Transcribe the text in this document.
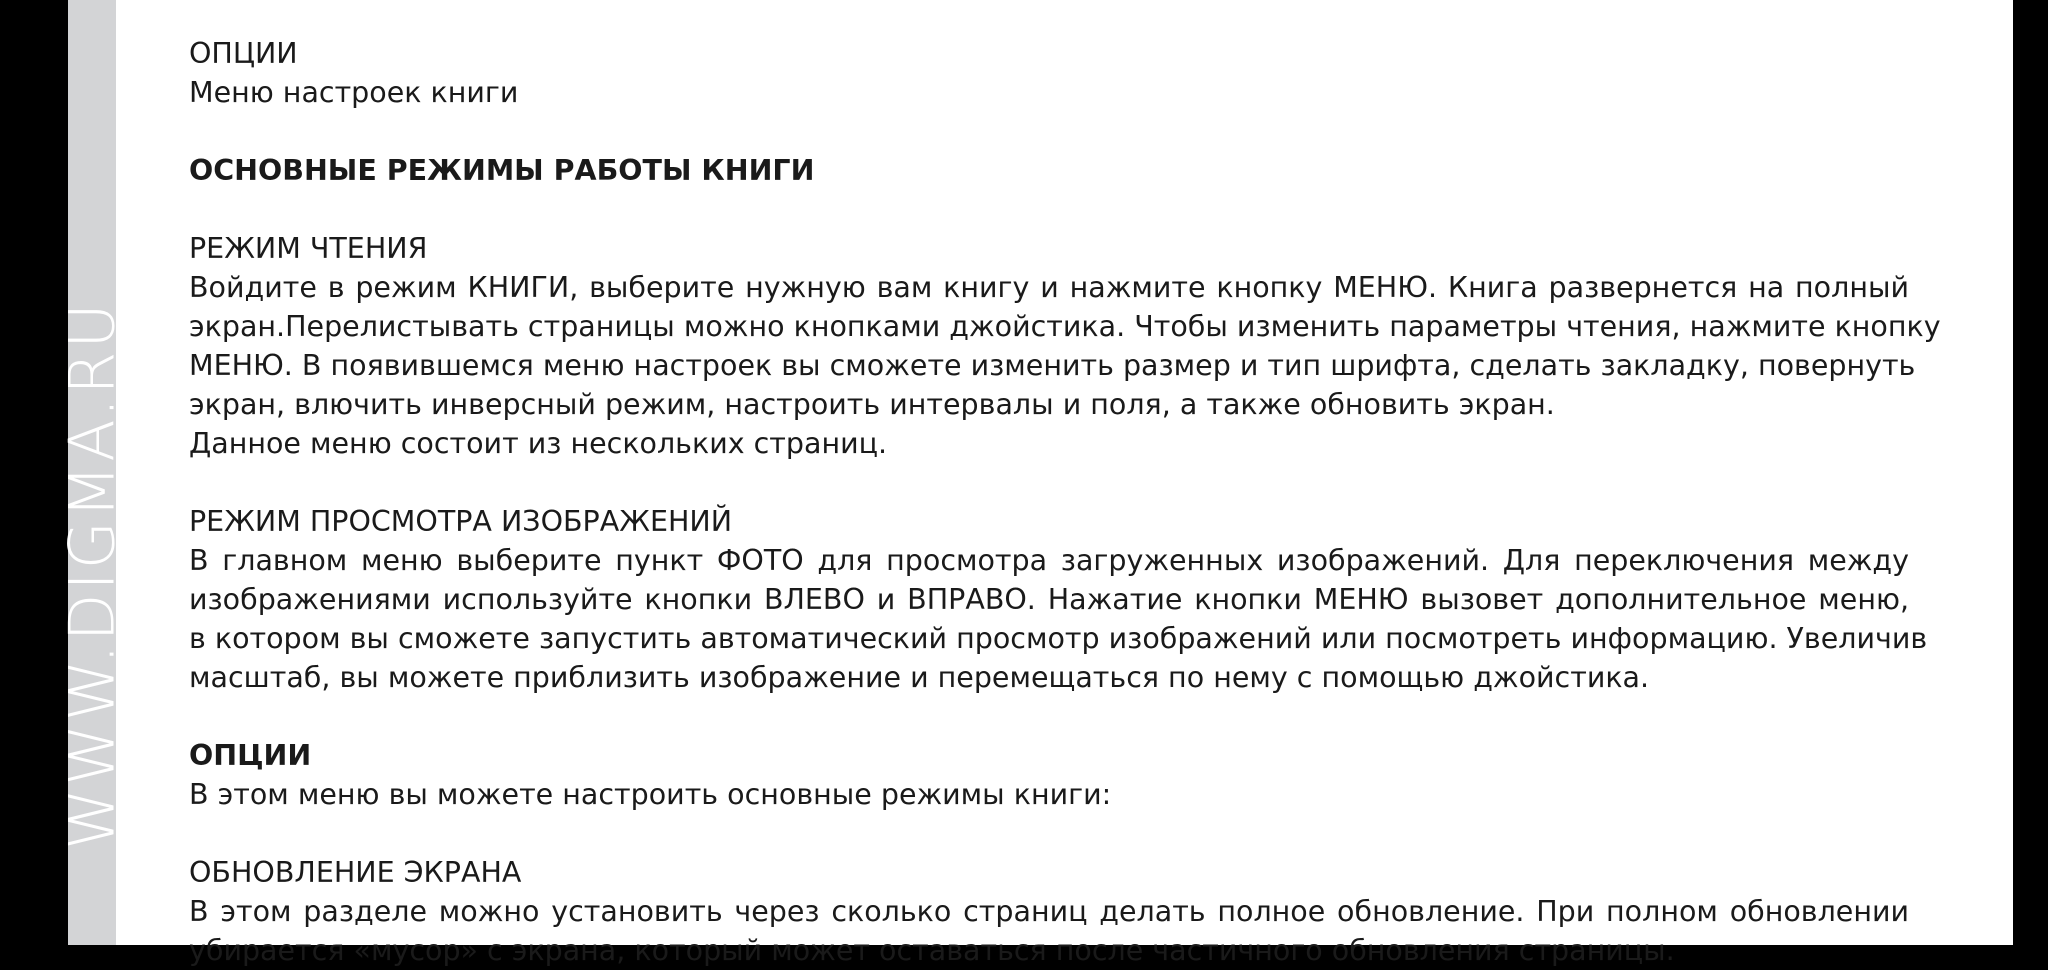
WWW.DIGMA.RU
ОПЦИИ
Меню настроек книги
ОСНОВНЫЕ РЕЖИМЫ РАБОТЫ КНИГИ
РЕЖИМ ЧТЕНИЯ
Войдите в режим КНИГИ, выберите нужную вам книгу и нажмите кнопку МЕНЮ. Книга развернется на полный
экран.Перелистывать страницы можно кнопками джойстика. Чтобы изменить параметры чтения, нажмите кнопку
МЕНЮ. В появившемся меню настроек вы сможете изменить размер и тип шрифта, сделать закладку, повернуть
экран, влючить инверсный режим, настроить интервалы и поля, а также обновить экран.
Данное меню состоит из нескольких страниц.
РЕЖИМ ПРОСМОТРА ИЗОБРАЖЕНИЙ
В главном меню выберите пункт ФОТО для просмотра загруженных изображений. Для переключения между
изображениями используйте кнопки ВЛЕВО и ВПРАВО. Нажатие кнопки МЕНЮ вызовет дополнительное меню,
в котором вы сможете запустить автоматический просмотр изображений или посмотреть информацию. Увеличив
масштаб, вы можете приблизить изображение и перемещаться по нему с помощью джойстика.
ОПЦИИ
В этом меню вы можете настроить основные режимы книги:
ОБНОВЛЕНИЕ ЭКРАНА
В этом разделе можно установить через сколько страниц делать полное обновление. При полном обновлении
убирается «мусор» с экрана, который может оставаться после частичного обновления страницы.
